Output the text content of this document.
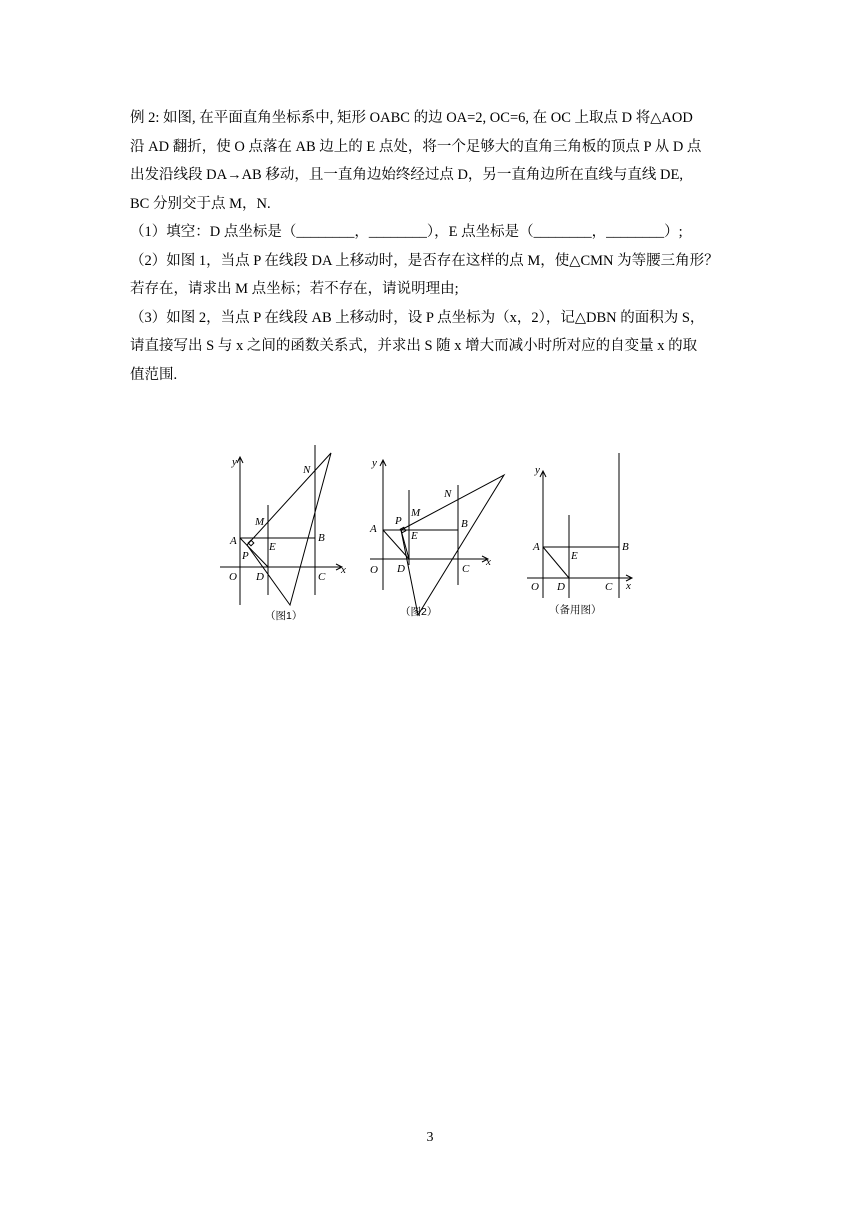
例 2: 如图, 在平面直角坐标系中, 矩形 OABC 的边 OA=2, OC=6, 在 OC 上取点 D 将△AOD

沿 AD 翻折，使 O 点落在 AB 边上的 E 点处，将一个足够大的直角三角板的顶点 P 从 D 点

出发沿线段 DA→AB 移动，且一直角边始终经过点 D，另一直角边所在直线与直线 DE,

BC 分别交于点 M，N.

（1）填空：D 点坐标是（________，________），E 点坐标是（________，________）;

（2）如图 1，当点 P 在线段 DA 上移动时，是否存在这样的点 M，使△CMN 为等腰三角形？

若存在，请求出 M 点坐标；若不存在，请说明理由;

（3）如图 2，当点 P 在线段 AB 上移动时，设 P 点坐标为（x，2），记△DBN 的面积为 S，

请直接写出 S 与 x 之间的函数关系式，并求出 S 随 x 增大而减小时所对应的自变量 x 的取

值范围.

y
x
O
A	B
C
D
E
M
N
P
（图1）
y
x
O
A	B
C
D
E
M
N
P
（图2）
y
x
O
A	B
C
D
E
（备用图）
3
